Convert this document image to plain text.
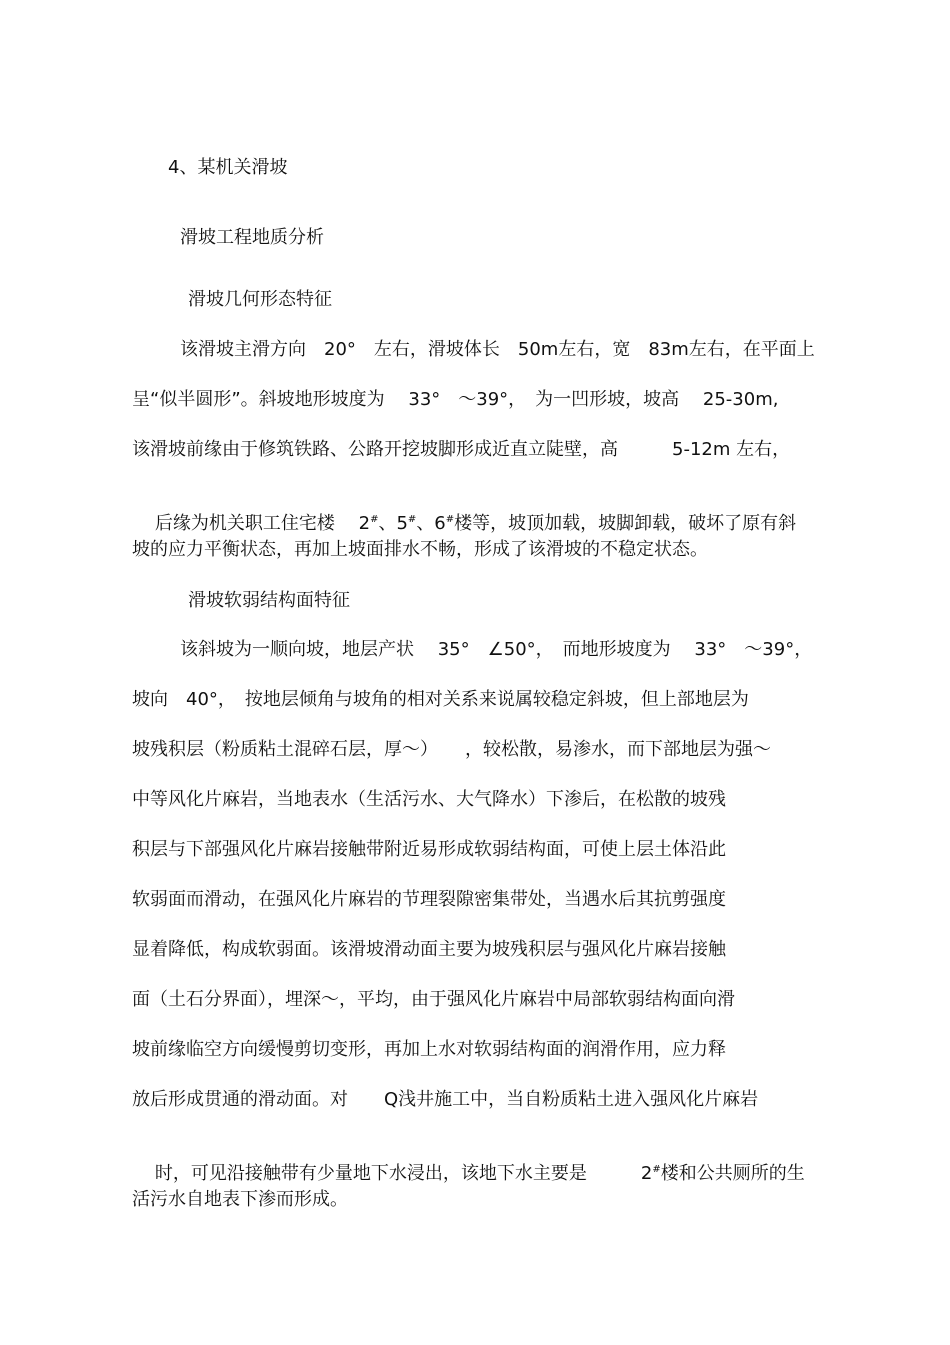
4、某机关滑坡
滑坡工程地质分析
滑坡几何形态特征
该滑坡主滑方向　20°　左右，滑坡体长　50m左右，宽　83m左右，在平面上
呈“似半圆形”。斜坡地形坡度为　 33°　～39°，　为一凹形坡，坡高　 25-30m,
该滑坡前缘由于修筑铁路、公路开挖坡脚形成近直立陡壁，高　　　5-12m 左右，

后缘为机关职工住宅楼　 2#、5#、6#楼等，坡顶加载，坡脚卸载，破坏了原有斜

坡的应力平衡状态，再加上坡面排水不畅，形成了该滑坡的不稳定状态。
滑坡软弱结构面特征
该斜坡为一顺向坡，地层产状　 35°　∠50°，　而地形坡度为　 33°　～39°，
坡向　40°，　按地层倾角与坡角的相对关系来说属较稳定斜坡，但上部地层为
坡残积层（粉质粘土混碎石层，厚～）　　，较松散，易渗水，而下部地层为强～
中等风化片麻岩，当地表水（生活污水、大气降水）下渗后，在松散的坡残
积层与下部强风化片麻岩接触带附近易形成软弱结构面，可使上层土体沿此
软弱面而滑动，在强风化片麻岩的节理裂隙密集带处，当遇水后其抗剪强度
显着降低，构成软弱面。该滑坡滑动面主要为坡残积层与强风化片麻岩接触
面（土石分界面），埋深～，平均，由于强风化片麻岩中局部软弱结构面向滑
坡前缘临空方向缓慢剪切变形，再加上水对软弱结构面的润滑作用，应力释
放后形成贯通的滑动面。对　　Q浅井施工中，当自粉质粘土进入强风化片麻岩

时，可见沿接触带有少量地下水浸出，该地下水主要是　　　2#楼和公共厕所的生

活污水自地表下渗而形成。
